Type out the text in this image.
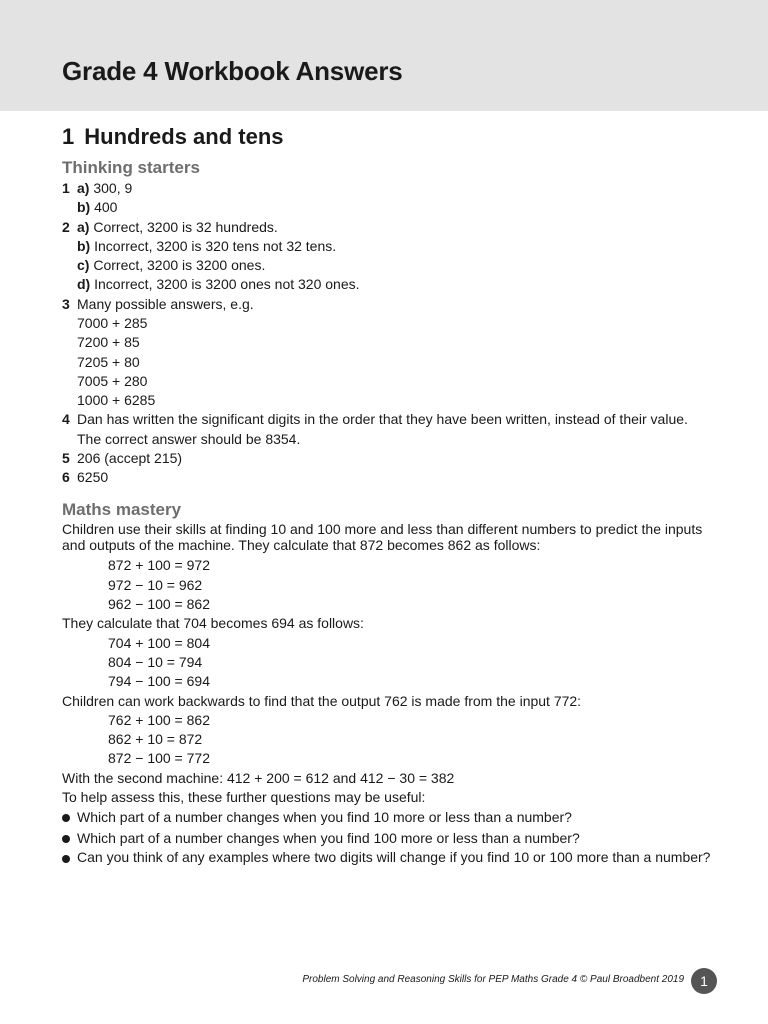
Grade 4 Workbook Answers
1 Hundreds and tens
Thinking starters
1 a) 300, 9
b) 400
2 a) Correct, 3200 is 32 hundreds.
b) Incorrect, 3200 is 320 tens not 32 tens.
c) Correct, 3200 is 3200 ones.
d) Incorrect, 3200 is 3200 ones not 320 ones.
3 Many possible answers, e.g.
7000 + 285
7200 + 85
7205 + 80
7005 + 280
1000 + 6285
4 Dan has written the significant digits in the order that they have been written, instead of their value.
The correct answer should be 8354.
5 206 (accept 215)
6 6250
Maths mastery
Children use their skills at finding 10 and 100 more and less than different numbers to predict the inputs and outputs of the machine. They calculate that 872 becomes 862 as follows:
872 + 100 = 972
972 − 10 = 962
962 − 100 = 862
They calculate that 704 becomes 694 as follows:
704 + 100 = 804
804 − 10 = 794
794 − 100 = 694
Children can work backwards to find that the output 762 is made from the input 772:
762 + 100 = 862
862 + 10 = 872
872 − 100 = 772
With the second machine: 412 + 200 = 612 and 412 − 30 = 382
To help assess this, these further questions may be useful:
Which part of a number changes when you find 10 more or less than a number?
Which part of a number changes when you find 100 more or less than a number?
Can you think of any examples where two digits will change if you find 10 or 100 more than a number?
Problem Solving and Reasoning Skills for PEP Maths Grade 4 © Paul Broadbent 2019	1
